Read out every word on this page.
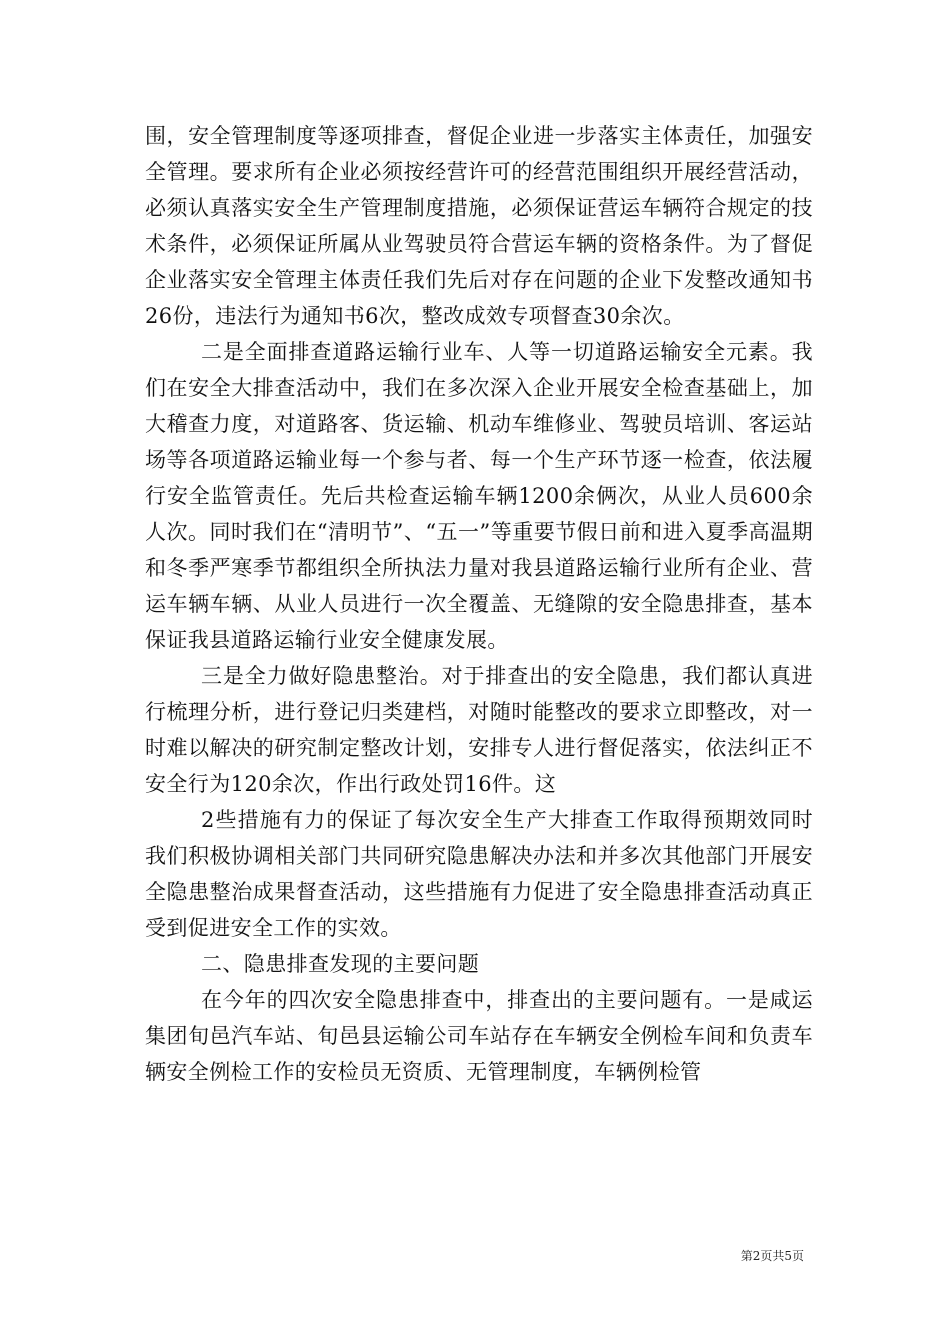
围，安全管理制度等逐项排查，督促企业进一步落实主体责任，加强安全管理。要求所有企业必须按经营许可的经营范围组织开展经营活动，必须认真落实安全生产管理制度措施，必须保证营运车辆符合规定的技术条件，必须保证所属从业驾驶员符合营运车辆的资格条件。为了督促企业落实安全管理主体责任我们先后对存在问题的企业下发整改通知书26份，违法行为通知书6次，整改成效专项督查30余次。

二是全面排查道路运输行业车、人等一切道路运输安全元素。我们在安全大排查活动中，我们在多次深入企业开展安全检查基础上，加大稽查力度，对道路客、货运输、机动车维修业、驾驶员培训、客运站场等各项道路运输业每一个参与者、每一个生产环节逐一检查，依法履行安全监管责任。先后共检查运输车辆1200余俩次，从业人员600余人次。同时我们在“清明节”、“五一”等重要节假日前和进入夏季高温期和冬季严寒季节都组织全所执法力量对我县道路运输行业所有企业、营运车辆车辆、从业人员进行一次全覆盖、无缝隙的安全隐患排查，基本保证我县道路运输行业安全健康发展。

三是全力做好隐患整治。对于排查出的安全隐患，我们都认真进行梳理分析，进行登记归类建档，对随时能整改的要求立即整改，对一时难以解决的研究制定整改计划，安排专人进行督促落实，依法纠正不安全行为120余次，作出行政处罚16件。这

2些措施有力的保证了每次安全生产大排查工作取得预期效同时我们积极协调相关部门共同研究隐患解决办法和并多次其他部门开展安全隐患整治成果督查活动，这些措施有力促进了安全隐患排查活动真正受到促进安全工作的实效。

二、隐患排查发现的主要问题

在今年的四次安全隐患排查中，排查出的主要问题有。一是咸运集团旬邑汽车站、旬邑县运输公司车站存在车辆安全例检车间和负责车辆安全例检工作的安检员无资质、无管理制度，车辆例检管

第2页共5页
